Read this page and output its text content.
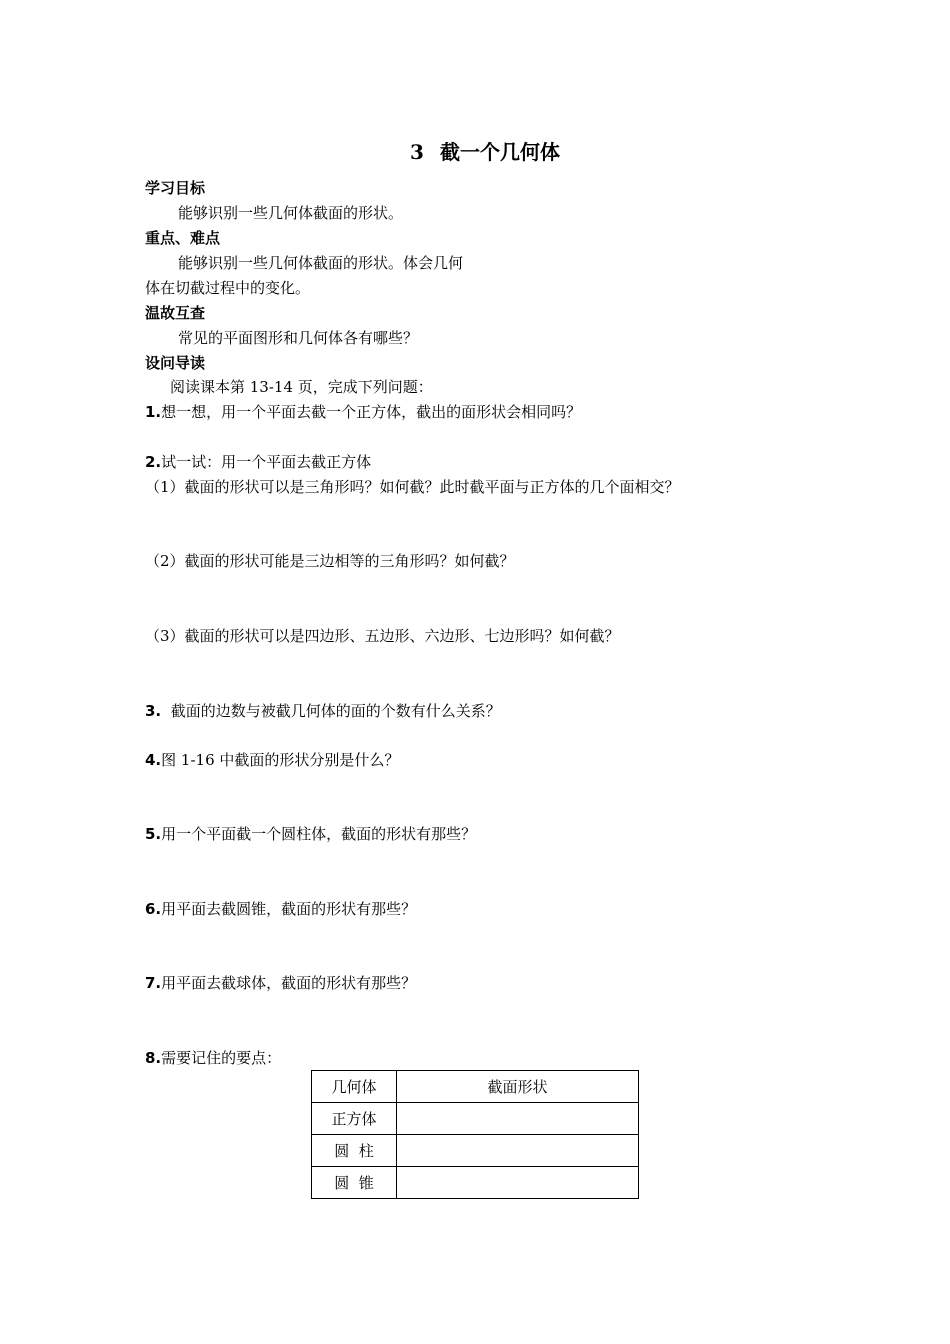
3 截一个几何体
学习目标
能够识别一些几何体截面的形状。
重点、难点
能够识别一些几何体截面的形状。体会几何
体在切截过程中的变化。
温故互查
常见的平面图形和几何体各有哪些？
设问导读
阅读课本第 13-14 页，完成下列问题：
1.想一想，用一个平面去截一个正方体，截出的面形状会相同吗？
2.试一试：用一个平面去截正方体
（1）截面的形状可以是三角形吗？如何截？此时截平面与正方体的几个面相交？
（2）截面的形状可能是三边相等的三角形吗？如何截？
（3）截面的形状可以是四边形、五边形、六边形、七边形吗？如何截？
3. 截面的边数与被截几何体的面的个数有什么关系？
4.图 1-16 中截面的形状分别是什么？
5.用一个平面截一个圆柱体，截面的形状有那些？
6.用平面去截圆锥，截面的形状有那些？
7.用平面去截球体，截面的形状有那些？
8.需要记住的要点：
几何体	截面形状
正方体	
圆  柱	
圆  锥	
